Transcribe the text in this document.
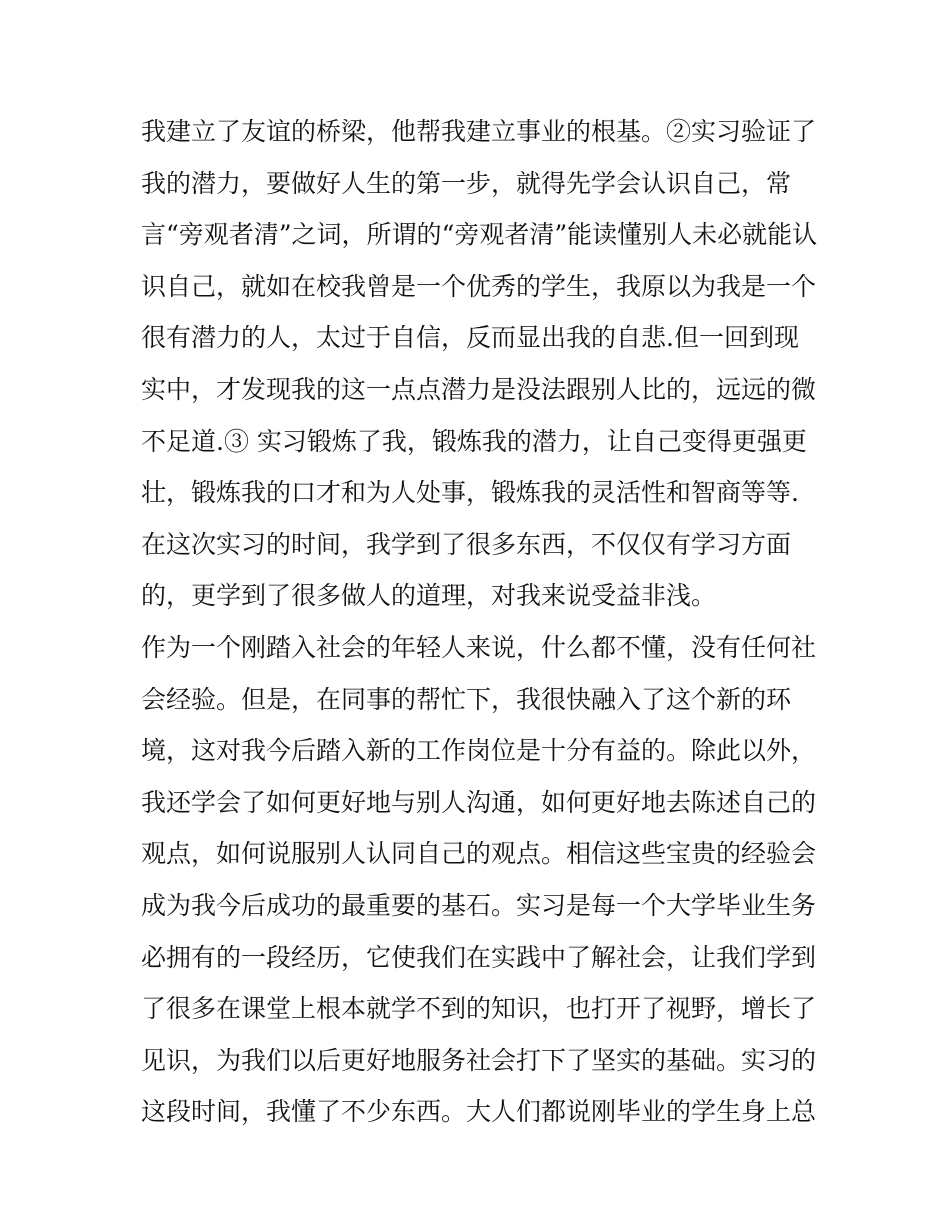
我建立了友谊的桥梁，他帮我建立事业的根基。②实习验证了
我的潜力，要做好人生的第一步，就得先学会认识自己，常
言“旁观者清”之词，所谓的“旁观者清”能读懂别人未必就能认
识自己，就如在校我曾是一个优秀的学生，我原以为我是一个
很有潜力的人，太过于自信，反而显出我的自悲.但一回到现
实中，才发现我的这一点点潜力是没法跟别人比的，远远的微
不足道.③ 实习锻炼了我，锻炼我的潜力，让自己变得更强更
壮，锻炼我的口才和为人处事，锻炼我的灵活性和智商等等.
在这次实习的时间，我学到了很多东西，不仅仅有学习方面
的，更学到了很多做人的道理，对我来说受益非浅。
作为一个刚踏入社会的年轻人来说，什么都不懂，没有任何社
会经验。但是，在同事的帮忙下，我很快融入了这个新的环
境，这对我今后踏入新的工作岗位是十分有益的。除此以外，
我还学会了如何更好地与别人沟通，如何更好地去陈述自己的
观点，如何说服别人认同自己的观点。相信这些宝贵的经验会
成为我今后成功的最重要的基石。实习是每一个大学毕业生务
必拥有的一段经历，它使我们在实践中了解社会，让我们学到
了很多在课堂上根本就学不到的知识，也打开了视野，增长了
见识，为我们以后更好地服务社会打下了坚实的基础。实习的
这段时间，我懂了不少东西。大人们都说刚毕业的学生身上总
